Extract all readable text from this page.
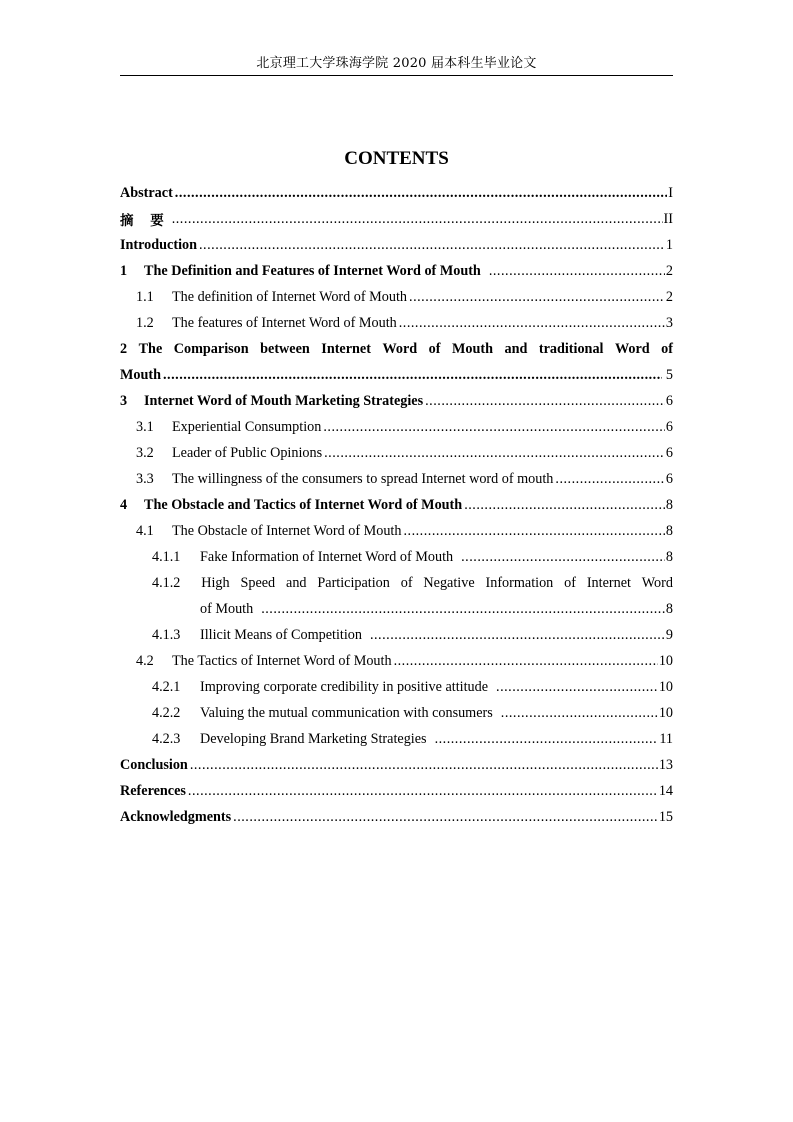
北京理工大学珠海学院 2020 届本科生毕业论文
CONTENTS
Abstract .....	I
摘 要 .....	II
Introduction .....	1
1	The Definition and Features of Internet Word of Mouth .....	2
1.1	The definition of Internet Word of Mouth .....	2
1.2	The features of Internet Word of Mouth .....	3
2 The Comparison between Internet Word of Mouth and traditional Word of
Mouth .....	5
3	Internet Word of Mouth Marketing Strategies .....	6
3.1	Experiential Consumption .....	6
3.2	Leader of Public Opinions .....	6
3.3	The willingness of the consumers to spread Internet word of mouth .....	6
4	The Obstacle and Tactics of Internet Word of Mouth .....	8
4.1	The Obstacle of Internet Word of Mouth .....	8
4.1.1	Fake Information of Internet Word of Mouth .....	8
4.1.2 High Speed and Participation of Negative Information of Internet Word
of Mouth .....	8
4.1.3	Illicit Means of Competition .....	9
4.2	The Tactics of Internet Word of Mouth .....	10
4.2.1	Improving corporate credibility in positive attitude .....	10
4.2.2	Valuing the mutual communication with consumers .....	10
4.2.3	Developing Brand Marketing Strategies .....	11
Conclusion .....	13
References .....	14
Acknowledgments .....	15
